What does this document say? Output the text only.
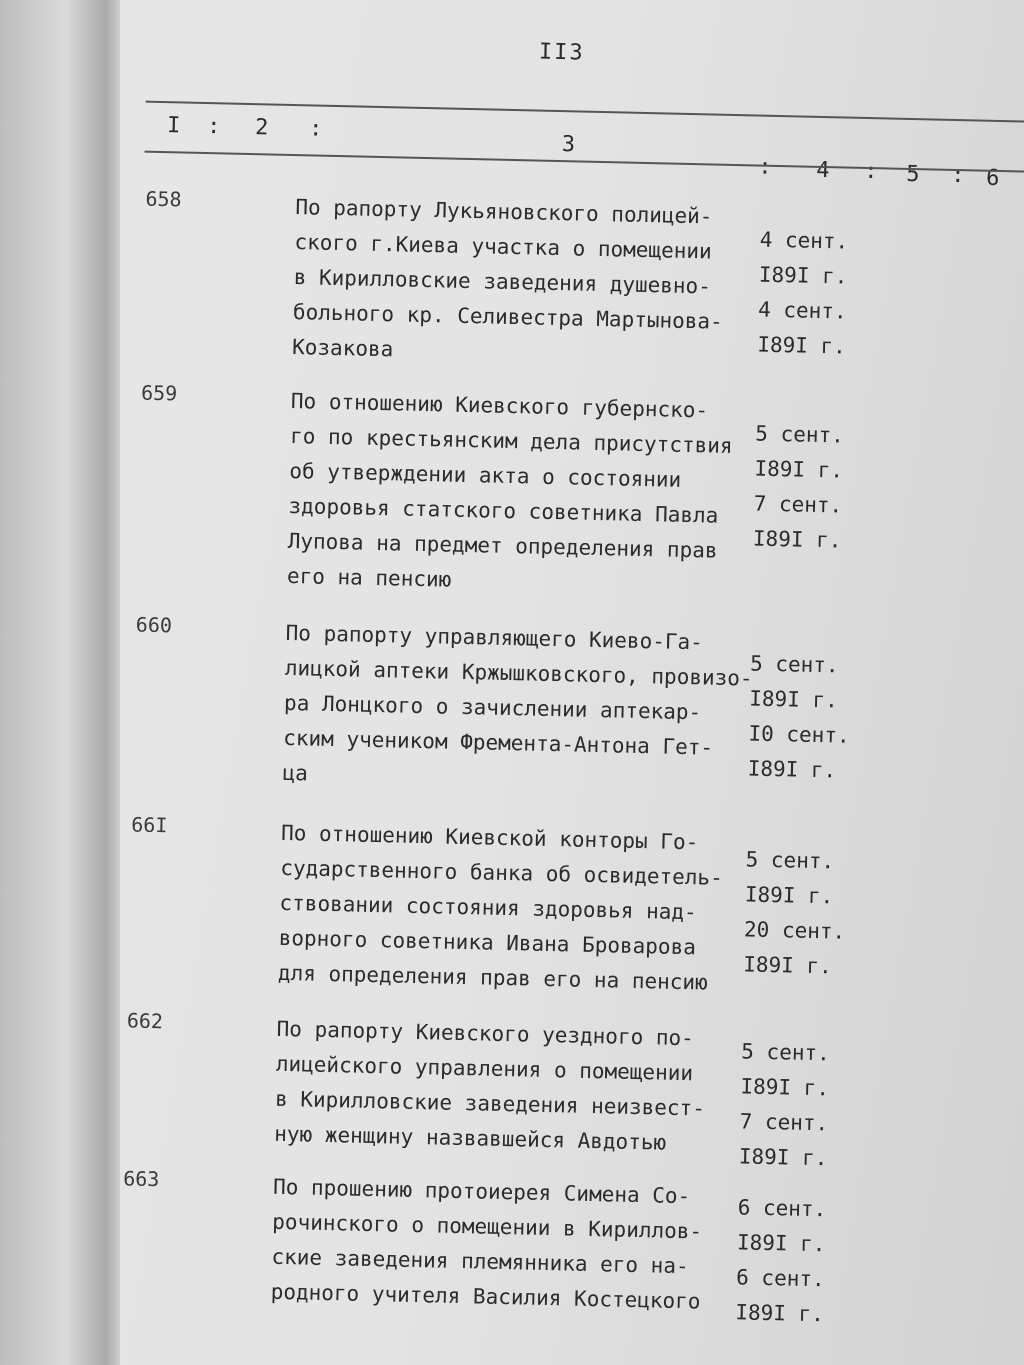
II3
I : 2 :
3
: 4 : 5 : 6
658	По рапорту Лукьяновского полицей-
ского г.Киева участка о помещении
в Кирилловские заведения душевно-
больного кр. Селивестра Мартынова-
Козакова
4 сент.
I89I г.
4 сент.
I89I г.
659	По отношению Киевского губернско-
го по крестьянским дела присутствия
об утверждении акта о состоянии
здоровья статского советника Павла
Лупова на предмет определения прав
его на пенсию
5 сент.
I89I г.
7 сент.
I89I г.
660	По рапорту управляющего Киево-Га-
лицкой аптеки Кржышковского, провизо-
ра Лонцкого о зачислении аптекар-
ским учеником Фремента-Антона Гет-
ца
5 сент.
I89I г.
I0 сент.
I89I г.
66I	По отношению Киевской конторы Го-
сударственного банка об освидетель-
ствовании состояния здоровья над-
ворного советника Ивана Броварова
для определения прав его на пенсию
5 сент.
I89I г.
20 сент.
I89I г.
662	По рапорту Киевского уездного по-
лицейского управления о помещении
в Кирилловские заведения неизвест-
ную женщину назвавшейся Авдотью
5 сент.
I89I г.
7 сент.
I89I г.
663	По прошению протоиерея Симена Со-
рочинского о помещении в Кириллов-
ские заведения племянника его на-
родного учителя Василия Костецкого
6 сент.
I89I г.
6 сент.
I89I г.
